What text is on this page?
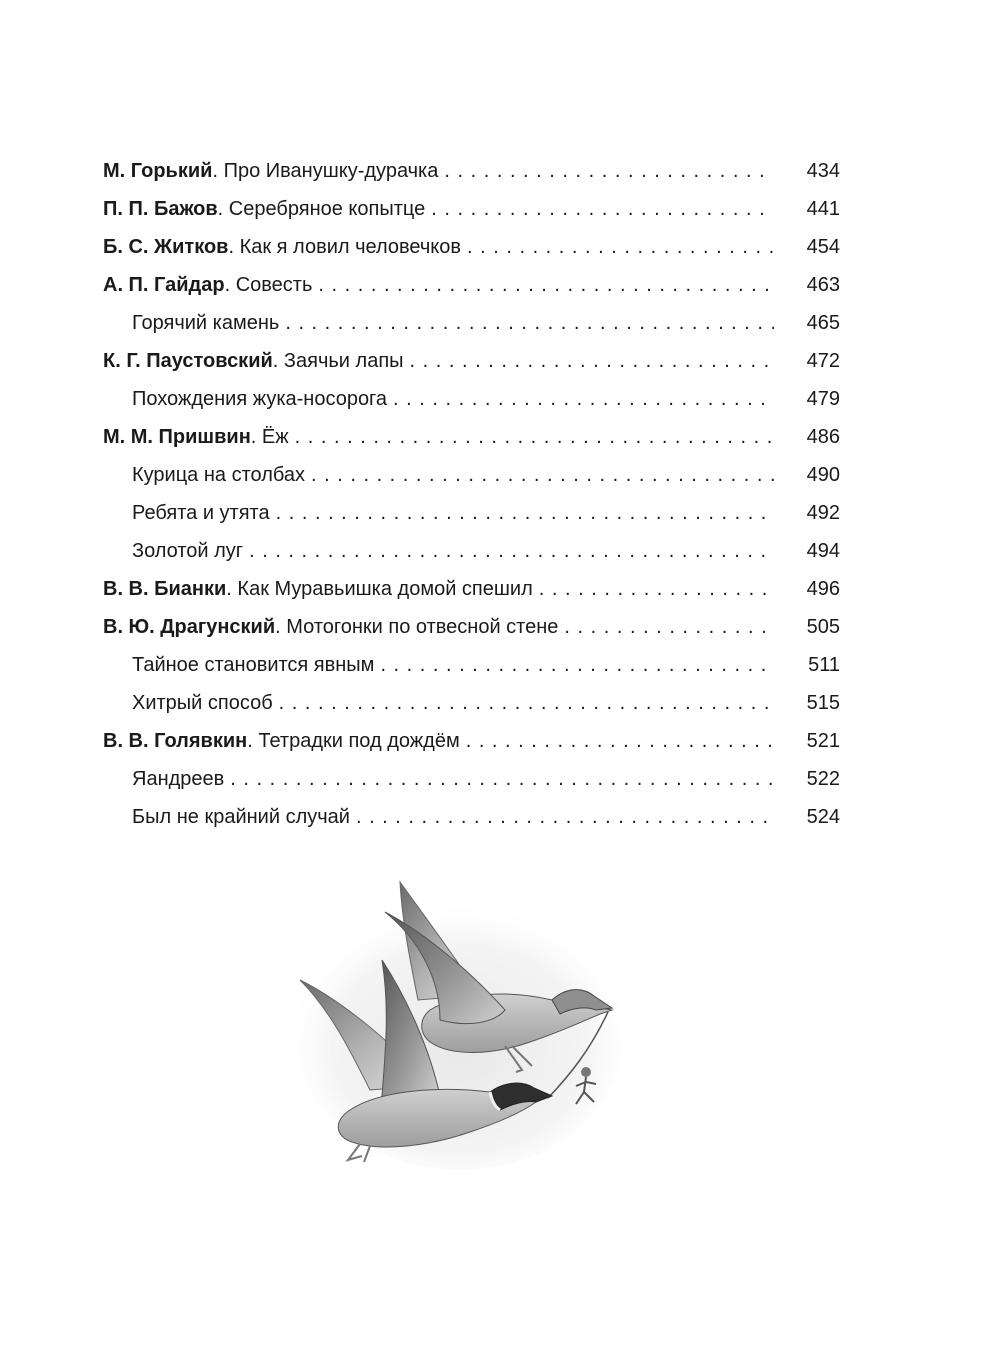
М. Горький . Про Иванушку-дурачка . . .	434
П. П. Бажов . Серебряное копытце . . .	441
Б. С. Житков . Как я ловил человечков . . .	454
А. П. Гайдар . Совесть . . .	463
Горячий камень . . .	465
К. Г. Паустовский . Заячьи лапы . . .	472
Похождения жука-носорога . . .	479
М. М. Пришвин . Ёж . . .	486
Курица на столбах . . .	490
Ребята и утята . . .	492
Золотой луг . . .	494
В. В. Бианки . Как Муравьишка домой спешил . . .	496
В. Ю. Драгунский . Мотогонки по отвесной стене . . .	505
Тайное становится явным . . .	511
Хитрый способ . . .	515
В. В. Голявкин . Тетрадки под дождём . . .	521
Яандреев . . .	522
Был не крайний случай . . .	524
